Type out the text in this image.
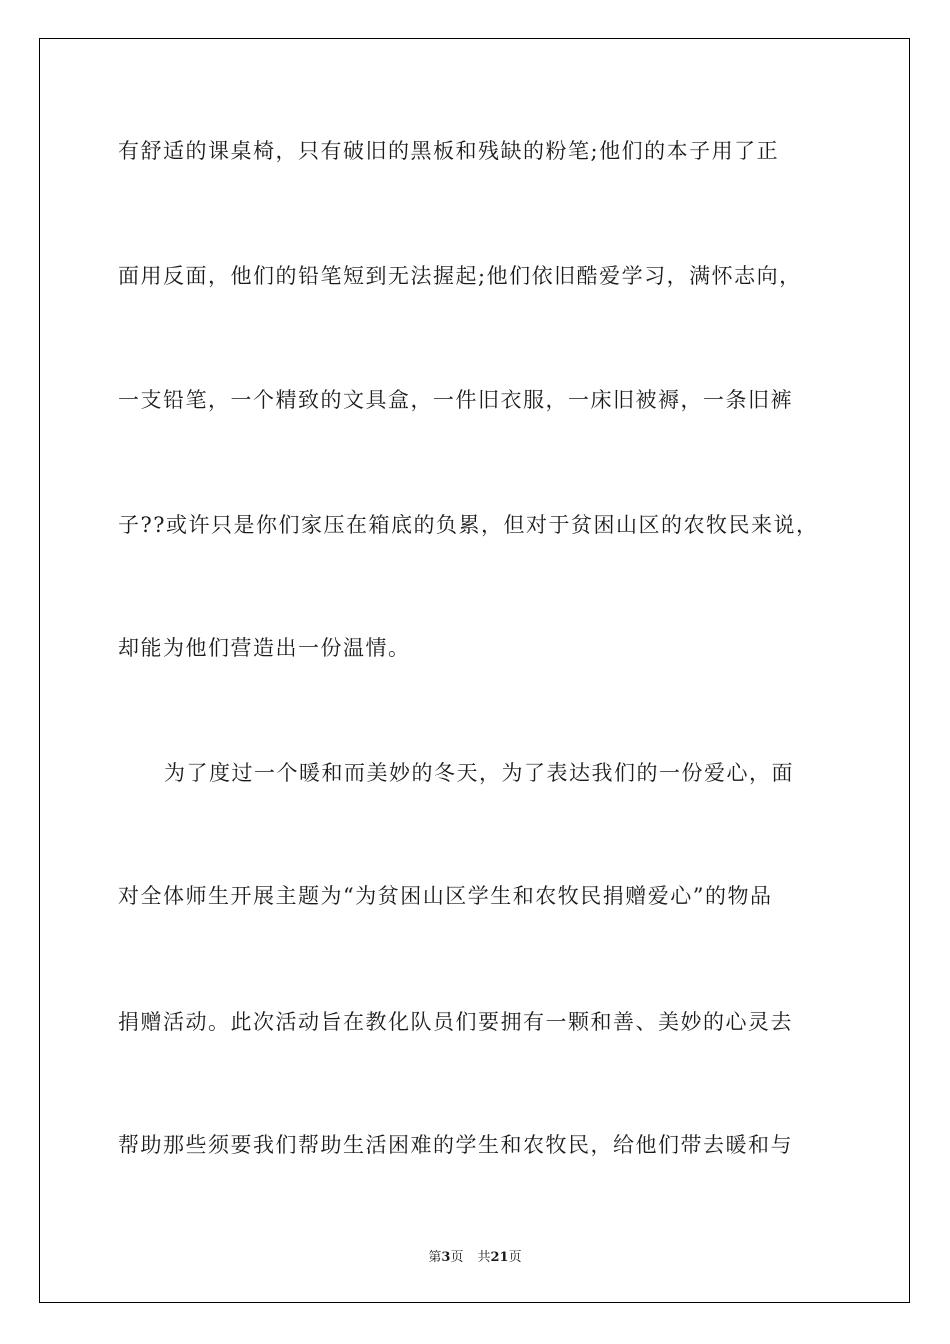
有舒适的课桌椅，只有破旧的黑板和残缺的粉笔;他们的本子用了正
面用反面，他们的铅笔短到无法握起;他们依旧酷爱学习，满怀志向，
一支铅笔，一个精致的文具盒，一件旧衣服，一床旧被褥，一条旧裤
子??或许只是你们家压在箱底的负累，但对于贫困山区的农牧民来说，
却能为他们营造出一份温情。
为了度过一个暖和而美妙的冬天，为了表达我们的一份爱心，面
对全体师生开展主题为“为贫困山区学生和农牧民捐赠爱心”的物品
捐赠活动。此次活动旨在教化队员们要拥有一颗和善、美妙的心灵去
帮助那些须要我们帮助生活困难的学生和农牧民，给他们带去暖和与
第3页 共21页
